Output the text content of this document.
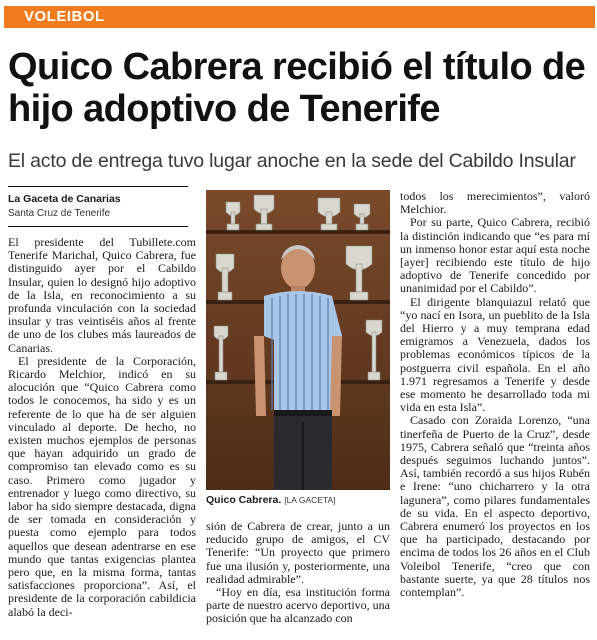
VOLEIBOL
Quico Cabrera recibió el título de hijo adoptivo de Tenerife
El acto de entrega tuvo lugar anoche en la sede del Cabildo Insular
La Gaceta de Canarias
Santa Cruz de Tenerife

El presidente del Tubillete.com Tenerife Marichal, Quico Cabrera, fue distinguido ayer por el Cabildo Insular, quien lo designó hijo adoptivo de la Isla, en reconocimiento a su profunda vinculación con la sociedad insular y tras veintiséis años al frente de uno de los clubes más laureados de Canarias.

El presidente de la Corporación, Ricardo Melchior, indicó en su alocución que “Quico Cabrera como todos le conocemos, ha sido y es un referente de lo que ha de ser alguien vinculado al deporte. De hecho, no existen muchos ejemplos de personas que hayan adquirido un grado de compromiso tan elevado como es su caso. Primero como jugador y entrenador y luego como directivo, su labor ha sido siempre destacada, digna de ser tomada en consideración y puesta como ejemplo para todos aquellos que desean adentrarse en ese mundo que tantas exigencias plantea pero que, en la misma forma, tantas satisfacciones proporciona”. Así, el presidente de la corporación cabildicia alabó la deci-

Quico Cabrera. [LA GACETA]

sión de Cabrera de crear, junto a un reducido grupo de amigos, el CV Tenerife: “Un proyecto que primero fue una ilusión y, posteriormente, una realidad admirable”.

“Hoy en día, esa institución forma parte de nuestro acervo deportivo, una posición que ha alcanzado con

todos los merecimientos”, valoró Melchior.

Por su parte, Quico Cabrera, recibió la distinción indicando que “es para mí un inmenso honor estar aquí esta noche [ayer] recibiendo este título de hijo adoptivo de Tenerife concedido por unanimidad por el Cabildo”.

El dirigente blanquiazul relató que “yo nací en Isora, un pueblito de la Isla del Hierro y a muy temprana edad emigramos a Venezuela, dados los problemas económicos típicos de la postguerra civil española. En el año 1.971 regresamos a Tenerife y desde ese momento he desarrollado toda mi vida en esta Isla”.

Casado con Zoraida Lorenzo, “una tinerfeña de Puerto de la Cruz”, desde 1975, Cabrera señaló que “treinta años después seguimos luchando juntos”. Así, también recordó a sus hijos Rubén e Irene: “uno chicharrero y la otra lagunera”, como pilares fundamentales de su vida. En el aspecto deportivo, Cabrera enumeró los proyectos en los que ha participado, destacando por encima de todos los 26 años en el Club Voleibol Tenerife, “creo que con bastante suerte, ya que 28 títulos nos contemplan”.
